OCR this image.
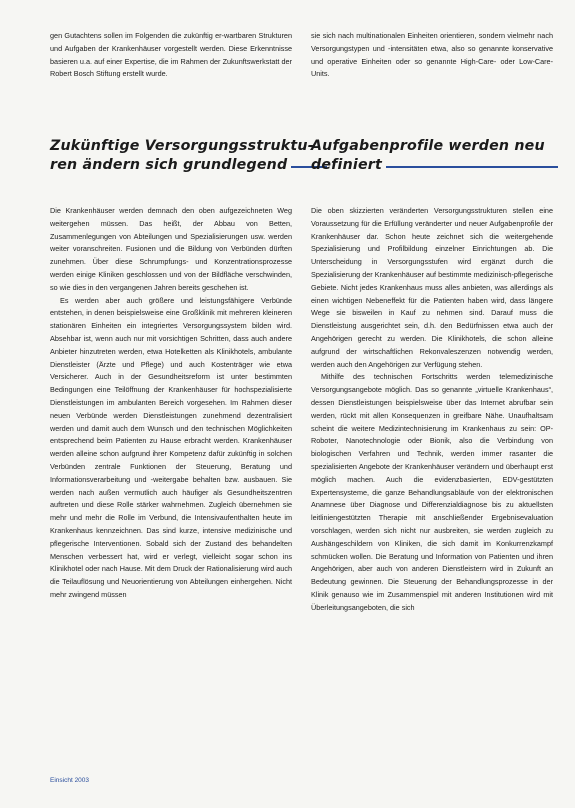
gen Gutachtens sollen im Folgenden die zukünftig er-wartbaren Strukturen und Aufgaben der Krankenhäuser vorgestellt werden. Diese Erkenntnisse basieren u.a. auf einer Expertise, die im Rahmen der Zukunftswerkstatt der Robert Bosch Stiftung erstellt wurde.

sie sich nach multinationalen Einheiten orientieren, sondern vielmehr nach Versorgungstypen und -intensitäten etwa, also so genannte konservative und operative Einheiten oder so genannte High-Care- oder Low-Care-Units.

Zukünftige Versorgungsstruktu-
ren ändern sich grundlegend
Aufgabenprofile werden neu
definiert

Die Krankenhäuser werden demnach den oben aufgezeichneten Weg weitergehen müssen. Das heißt, der Abbau von Betten, Zusammenlegungen von Abteilungen und Spezialisierungen usw. werden weiter voranschreiten. Fusionen und die Bildung von Verbünden dürften zunehmen. Über diese Schrumpfungs- und Konzentrationsprozesse werden einige Kliniken geschlossen und von der Bildfläche verschwinden, so wie dies in den vergangenen Jahren bereits geschehen ist.

Es werden aber auch größere und leistungsfähigere Verbünde entstehen, in denen beispielsweise eine Großklinik mit mehreren kleineren stationären Einheiten ein integriertes Versorgungssystem bilden wird. Absehbar ist, wenn auch nur mit vorsichtigen Schritten, dass auch andere Anbieter hinzutreten werden, etwa Hotelketten als Klinikhotels, ambulante Dienstleister (Ärzte und Pflege) und auch Kostenträger wie etwa Versicherer. Auch in der Gesundheitsreform ist unter bestimmten Bedingungen eine Teilöffnung der Krankenhäuser für hochspezialisierte Dienstleistungen im ambulanten Bereich vorgesehen. Im Rahmen dieser neuen Verbünde werden Dienstleistungen zunehmend dezentralisiert werden und damit auch dem Wunsch und den technischen Möglichkeiten entsprechend beim Patienten zu Hause erbracht werden. Krankenhäuser werden alleine schon aufgrund ihrer Kompetenz dafür zukünftig in solchen Verbünden zentrale Funktionen der Steuerung, Beratung und Informationsverarbeitung und -weitergabe behalten bzw. ausbauen. Sie werden nach außen vermutlich auch häufiger als Gesundheitszentren auftreten und diese Rolle stärker wahrnehmen. Zugleich übernehmen sie mehr und mehr die Rolle im Verbund, die Intensivaufenthalten heute im Krankenhaus kennzeichnen. Das sind kurze, intensive medizinische und pflegerische Interventionen. Sobald sich der Zustand des behandelten Menschen verbessert hat, wird er verlegt, vielleicht sogar schon ins Klinikhotel oder nach Hause. Mit dem Druck der Rationalisierung wird auch die Teilauflösung und Neuorientierung von Abteilungen einhergehen. Nicht mehr zwingend müssen

Die oben skizzierten veränderten Versorgungsstrukturen stellen eine Voraussetzung für die Erfüllung veränderter und neuer Aufgabenprofile der Krankenhäuser dar. Schon heute zeichnet sich die weitergehende Spezialisierung und Profilbildung einzelner Einrichtungen ab. Die Unterscheidung in Versorgungsstufen wird ergänzt durch die Spezialisierung der Krankenhäuser auf bestimmte medizinisch-pflegerische Gebiete. Nicht jedes Krankenhaus muss alles anbieten, was allerdings als einen wichtigen Nebeneffekt für die Patienten haben wird, dass längere Wege sie bisweilen in Kauf zu nehmen sind. Darauf muss die Dienstleistung ausgerichtet sein, d.h. den Bedürfnissen etwa auch der Angehörigen gerecht zu werden. Die Klinikhotels, die schon alleine aufgrund der wirtschaftlichen Rekonvaleszenzen notwendig werden, werden auch den Angehörigen zur Verfügung stehen.

Mithilfe des technischen Fortschritts werden telemedizinische Versorgungsangebote möglich. Das so genannte „virtuelle Krankenhaus“, dessen Dienstleistungen beispielsweise über das Internet abrufbar sein werden, rückt mit allen Konsequenzen in greifbare Nähe. Unaufhaltsam scheint die weitere Medizintechnisierung im Krankenhaus zu sein: OP-Roboter, Nanotechnologie oder Bionik, also die Verbindung von biologischen Verfahren und Technik, werden immer rasanter die spezialisierten Angebote der Krankenhäuser verändern und überhaupt erst möglich machen. Auch die evidenzbasierten, EDV-gestützten Expertensysteme, die ganze Behandlungsabläufe von der elektronischen Anamnese über Diagnose und Differenzialdiagnose bis zu aktuellsten leitliniengestützten Therapie mit anschließender Ergebnisevaluation vorschlagen, werden sich nicht nur ausbreiten, sie werden zugleich zu Aushängeschildern von Kliniken, die sich damit im Konkurrenzkampf schmücken wollen. Die Beratung und Information von Patienten und ihren Angehörigen, aber auch von anderen Dienstleistern wird in Zukunft an Bedeutung gewinnen. Die Steuerung der Behandlungsprozesse in der Klinik genauso wie im Zusammenspiel mit anderen Institutionen wird mit Überleitungsangeboten, die sich

Einsicht 2003
